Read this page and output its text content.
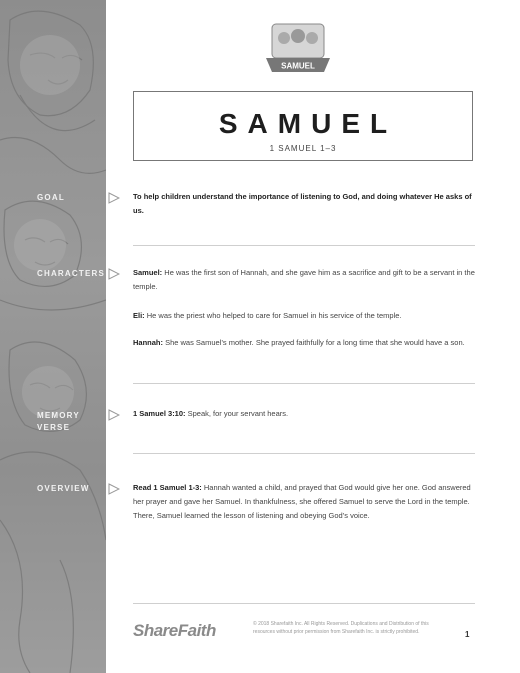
GOAL
CHARACTERS
MEMORY
VERSE
OVERVIEW
SAMUEL
SAMUEL
1 SAMUEL 1–3
To help children understand the importance of listening to God, and doing whatever He asks of us.
Samuel: He was the first son of Hannah, and she gave him as a sacrifice and gift to be a servant in the temple.
Eli: He was the priest who helped to care for Samuel in his service of the temple.
Hannah: She was Samuel’s mother. She prayed faithfully for a long time that she would have a son.
1 Samuel 3:10: Speak, for your servant hears.
Read 1 Samuel 1-3: Hannah wanted a child, and prayed that God would give her one. God answered her prayer and gave her Samuel. In thankfulness, she offered Samuel to serve the Lord in the temple. There, Samuel learned the lesson of listening and obeying God’s voice.
ShareFaith	© 2018 Sharefaith Inc. All Rights Reserved. Duplications and Distribution of this resources without prior permission from Sharefaith Inc. is strictly prohibited.	1
